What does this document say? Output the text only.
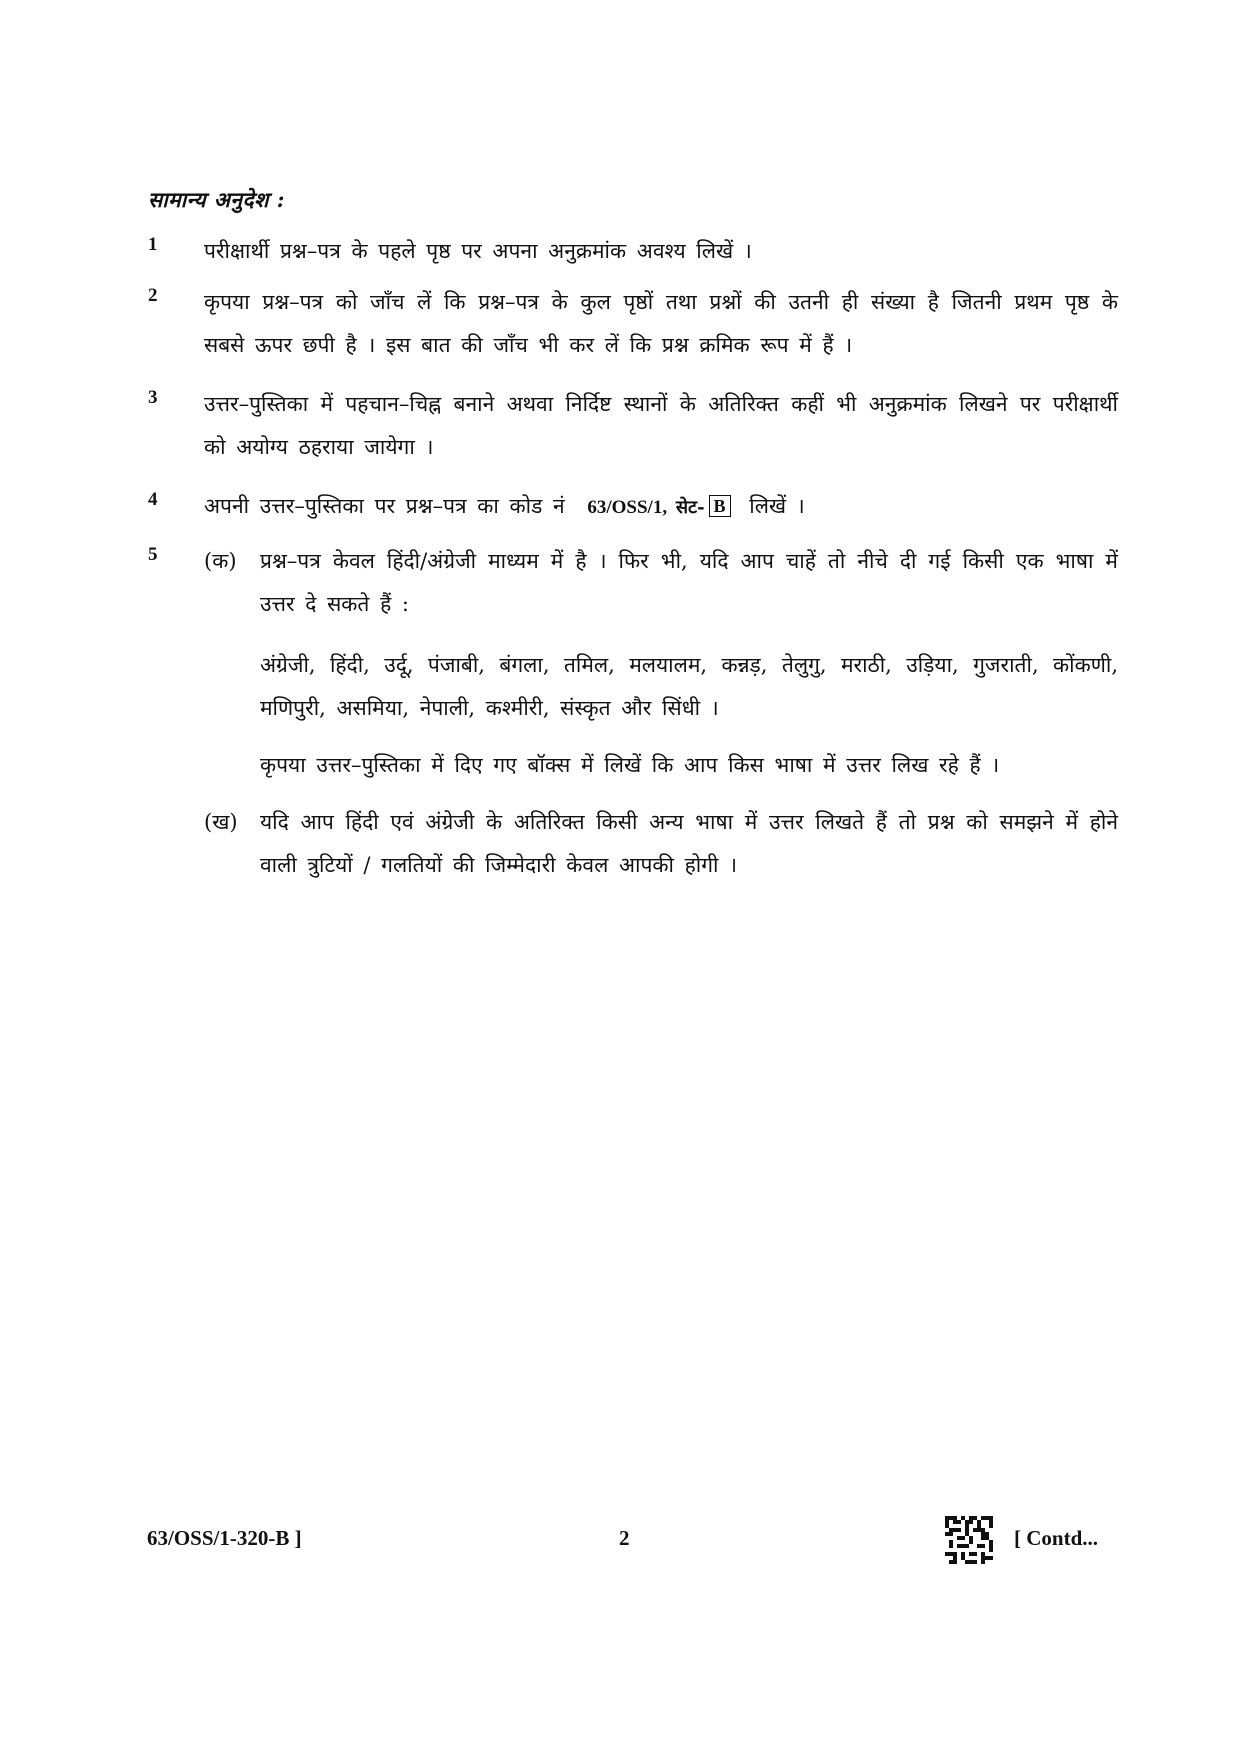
सामान्य अनुदेश :
1	परीक्षार्थी प्रश्न–पत्र के पहले पृष्ठ पर अपना अनुक्रमांक अवश्य लिखें ।
2	कृपया प्रश्न–पत्र को जाँच लें कि प्रश्न–पत्र के कुल पृष्ठों तथा प्रश्नों की उतनी ही संख्या है जितनी प्रथम पृष्ठ के सबसे ऊपर छपी है । इस बात की जाँच भी कर लें कि प्रश्न क्रमिक रूप में हैं ।
3	उत्तर–पुस्तिका में पहचान–चिह्न बनाने अथवा निर्दिष्ट स्थानों के अतिरिक्त कहीं भी अनुक्रमांक लिखने पर परीक्षार्थी को अयोग्य ठहराया जायेगा ।
4	अपनी उत्तर–पुस्तिका पर प्रश्न–पत्र का कोड नं 63/OSS/1, सेट- B लिखें ।
5	(क) प्रश्न–पत्र केवल हिंदी/अंग्रेजी माध्यम में है । फिर भी, यदि आप चाहें तो नीचे दी गई किसी एक भाषा में उत्तर दे सकते हैं :
अंग्रेजी, हिंदी, उर्दू, पंजाबी, बंगला, तमिल, मलयालम, कन्नड़, तेलुगु, मराठी, उड़िया, गुजराती, कोंकणी, मणिपुरी, असमिया, नेपाली, कश्मीरी, संस्कृत और सिंधी ।
कृपया उत्तर–पुस्तिका में दिए गए बॉक्स में लिखें कि आप किस भाषा में उत्तर लिख रहे हैं ।
(ख) यदि आप हिंदी एवं अंग्रेजी के अतिरिक्त किसी अन्य भाषा में उत्तर लिखते हैं तो प्रश्न को समझने में होने वाली त्रुटियों / गलतियों की जिम्मेदारी केवल आपकी होगी ।
63/OSS/1-320-B ]	2	[ Contd...
